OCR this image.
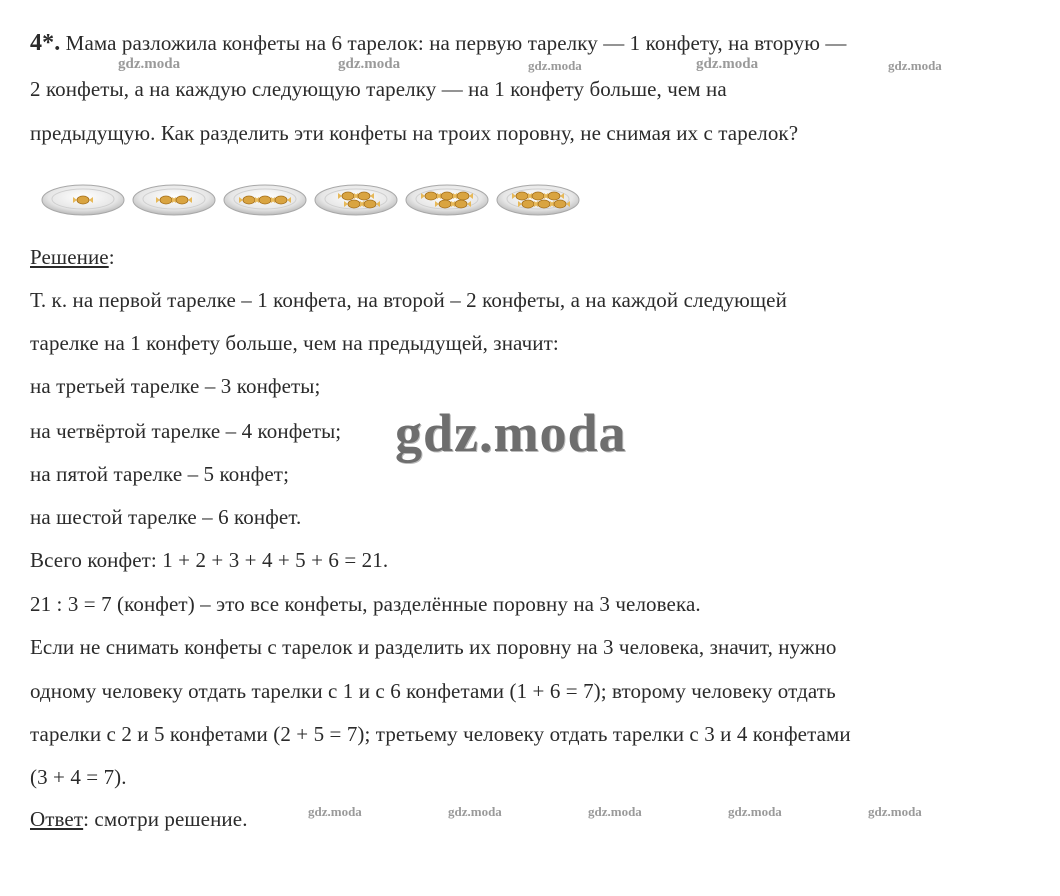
4*. Мама разложила конфеты на 6 тарелок: на первую тарелку — 1 конфету, на вторую —
2 конфеты, а на каждую следующую тарелку — на 1 конфету больше, чем на
предыдущую. Как разделить эти конфеты на троих поровну, не снимая их с тарелок?
Решение:
Т. к. на первой тарелке – 1 конфета, на второй – 2 конфеты, а на каждой следующей
тарелке на 1 конфету больше, чем на предыдущей, значит:
на третьей тарелке – 3 конфеты;
на четвёртой тарелке – 4 конфеты;
на пятой тарелке – 5 конфет;
на шестой тарелке – 6 конфет.
Всего конфет: 1 + 2 + 3 + 4 + 5 + 6 = 21.
21 : 3 = 7 (конфет) – это все конфеты, разделённые поровну на 3 человека.
Если не снимать конфеты с тарелок и разделить их поровну на 3 человека, значит, нужно
одному человеку отдать тарелки с 1 и с 6 конфетами (1 + 6 = 7); второму человеку отдать
тарелки с 2 и 5 конфетами (2 + 5 = 7); третьему человеку отдать тарелки с 3 и 4 конфетами
(3 + 4 = 7).
Ответ: смотри решение.
gdz.moda	gdz.moda	gdz.moda	gdz.moda	gdz.moda
gdz.moda
gdz.moda	gdz.moda	gdz.moda	gdz.moda	gdz.moda
